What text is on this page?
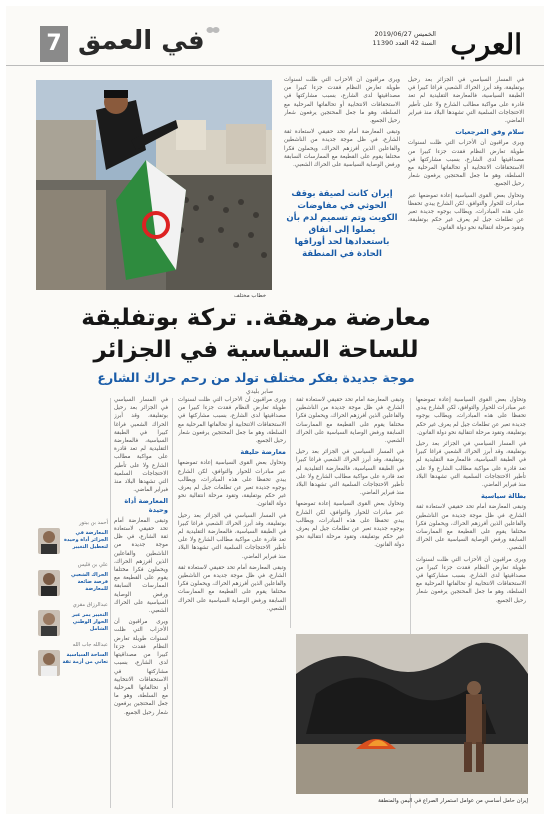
العرب
الخميس 2019/06/27
السنة 42 العدد 11390
في العمق
7
خطاب مختلف
معارضة مرهقة.. تركة بوتفليقة
للساحة السياسية في الجزائر
موجة جديدة بفكر مختلف تولد من رحم حراك الشارع

في المسار السياسي في الجزائر بعد رحيل بوتفليقة، وقد أبرز الحراك الشعبي فراغا كبيرا في الطبقة السياسية، فالمعارضة التقليدية لم تعد قادرة على مواكبة مطالب الشارع ولا على تأطير الاحتجاجات السلمية التي تشهدها البلاد منذ فبراير الماضي.

سلام وفق المرجعيات

ويرى مراقبون أن الأحزاب التي ظلت لسنوات طويلة تعارض النظام فقدت جزءا كبيرا من مصداقيتها لدى الشارع، بسبب مشاركتها في الاستحقاقات الانتخابية أو تحالفاتها المرحلية مع السلطة، وهو ما جعل المحتجين يرفعون شعار رحيل الجميع.

وتحاول بعض القوى السياسية إعادة تموضعها عبر مبادرات للحوار والتوافق، لكن الشارع يبدي تحفظا على هذه المبادرات، ويطالب بوجوه جديدة تعبر عن تطلعات جيل لم يعرف غير حكم بوتفليقة، وتقود مرحلة انتقالية نحو دولة القانون.

ويرى مراقبون أن الأحزاب التي ظلت لسنوات طويلة تعارض النظام فقدت جزءا كبيرا من مصداقيتها لدى الشارع، بسبب مشاركتها في الاستحقاقات الانتخابية أو تحالفاتها المرحلية مع السلطة، وهو ما جعل المحتجين يرفعون شعار رحيل الجميع.

وتبقى المعارضة أمام تحد حقيقي لاستعادة ثقة الشارع، في ظل موجة جديدة من الناشطين والفاعلين الذين أفرزهم الحراك، ويحملون فكرا مختلفا يقوم على القطيعة مع الممارسات السابقة ورفض الوصاية السياسية على الحراك الشعبي.

إيران كانت لصيقة بوقف الحوثي في مفاوضات الكويت وتم تسميم لدم بأن يصلوا إلى اتفاق باستعدادها لحد أوراقها الحادة في المنطقة
صابر بليدي

وتحاول بعض القوى السياسية إعادة تموضعها عبر مبادرات للحوار والتوافق، لكن الشارع يبدي تحفظا على هذه المبادرات، ويطالب بوجوه جديدة تعبر عن تطلعات جيل لم يعرف غير حكم بوتفليقة، وتقود مرحلة انتقالية نحو دولة القانون.

في المسار السياسي في الجزائر بعد رحيل بوتفليقة، وقد أبرز الحراك الشعبي فراغا كبيرا في الطبقة السياسية، فالمعارضة التقليدية لم تعد قادرة على مواكبة مطالب الشارع ولا على تأطير الاحتجاجات السلمية التي تشهدها البلاد منذ فبراير الماضي.

بطالة سياسية

وتبقى المعارضة أمام تحد حقيقي لاستعادة ثقة الشارع، في ظل موجة جديدة من الناشطين والفاعلين الذين أفرزهم الحراك، ويحملون فكرا مختلفا يقوم على القطيعة مع الممارسات السابقة ورفض الوصاية السياسية على الحراك الشعبي.

ويرى مراقبون أن الأحزاب التي ظلت لسنوات طويلة تعارض النظام فقدت جزءا كبيرا من مصداقيتها لدى الشارع، بسبب مشاركتها في الاستحقاقات الانتخابية أو تحالفاتها المرحلية مع السلطة، وهو ما جعل المحتجين يرفعون شعار رحيل الجميع.

وتبقى المعارضة أمام تحد حقيقي لاستعادة ثقة الشارع، في ظل موجة جديدة من الناشطين والفاعلين الذين أفرزهم الحراك، ويحملون فكرا مختلفا يقوم على القطيعة مع الممارسات السابقة ورفض الوصاية السياسية على الحراك الشعبي.

في المسار السياسي في الجزائر بعد رحيل بوتفليقة، وقد أبرز الحراك الشعبي فراغا كبيرا في الطبقة السياسية، فالمعارضة التقليدية لم تعد قادرة على مواكبة مطالب الشارع ولا على تأطير الاحتجاجات السلمية التي تشهدها البلاد منذ فبراير الماضي.

وتحاول بعض القوى السياسية إعادة تموضعها عبر مبادرات للحوار والتوافق، لكن الشارع يبدي تحفظا على هذه المبادرات، ويطالب بوجوه جديدة تعبر عن تطلعات جيل لم يعرف غير حكم بوتفليقة، وتقود مرحلة انتقالية نحو دولة القانون.

ويرى مراقبون أن الأحزاب التي ظلت لسنوات طويلة تعارض النظام فقدت جزءا كبيرا من مصداقيتها لدى الشارع، بسبب مشاركتها في الاستحقاقات الانتخابية أو تحالفاتها المرحلية مع السلطة، وهو ما جعل المحتجين يرفعون شعار رحيل الجميع.

معارضة حليفة

وتحاول بعض القوى السياسية إعادة تموضعها عبر مبادرات للحوار والتوافق، لكن الشارع يبدي تحفظا على هذه المبادرات، ويطالب بوجوه جديدة تعبر عن تطلعات جيل لم يعرف غير حكم بوتفليقة، وتقود مرحلة انتقالية نحو دولة القانون.

في المسار السياسي في الجزائر بعد رحيل بوتفليقة، وقد أبرز الحراك الشعبي فراغا كبيرا في الطبقة السياسية، فالمعارضة التقليدية لم تعد قادرة على مواكبة مطالب الشارع ولا على تأطير الاحتجاجات السلمية التي تشهدها البلاد منذ فبراير الماضي.

وتبقى المعارضة أمام تحد حقيقي لاستعادة ثقة الشارع، في ظل موجة جديدة من الناشطين والفاعلين الذين أفرزهم الحراك، ويحملون فكرا مختلفا يقوم على القطيعة مع الممارسات السابقة ورفض الوصاية السياسية على الحراك الشعبي.

في المسار السياسي في الجزائر بعد رحيل بوتفليقة، وقد أبرز الحراك الشعبي فراغا كبيرا في الطبقة السياسية، فالمعارضة التقليدية لم تعد قادرة على مواكبة مطالب الشارع ولا على تأطير الاحتجاجات السلمية التي تشهدها البلاد منذ فبراير الماضي.

المعارضة أداة وحيدة

وتبقى المعارضة أمام تحد حقيقي لاستعادة ثقة الشارع، في ظل موجة جديدة من الناشطين والفاعلين الذين أفرزهم الحراك، ويحملون فكرا مختلفا يقوم على القطيعة مع الممارسات السابقة ورفض الوصاية السياسية على الحراك الشعبي.

ويرى مراقبون أن الأحزاب التي ظلت لسنوات طويلة تعارض النظام فقدت جزءا كبيرا من مصداقيتها لدى الشارع، بسبب مشاركتها في الاستحقاقات الانتخابية أو تحالفاتها المرحلية مع السلطة، وهو ما جعل المحتجين يرفعون شعار رحيل الجميع.

أحمد بن بيتور
المعارضة في الجزائر أداة وحيدة لتعطيل التغيير
علي بن فليس
الحراك الشعبي فرصة ضائعة للمعارضة
عبدالرزاق مقري
التغيير يمر عبر الحوار الوطني الشامل
عبدالله جاب الله
الساحة السياسية تعاني من أزمة ثقة
إيران حامل أساسي من عوامل استمرار الصراع في اليمن والمنطقة
